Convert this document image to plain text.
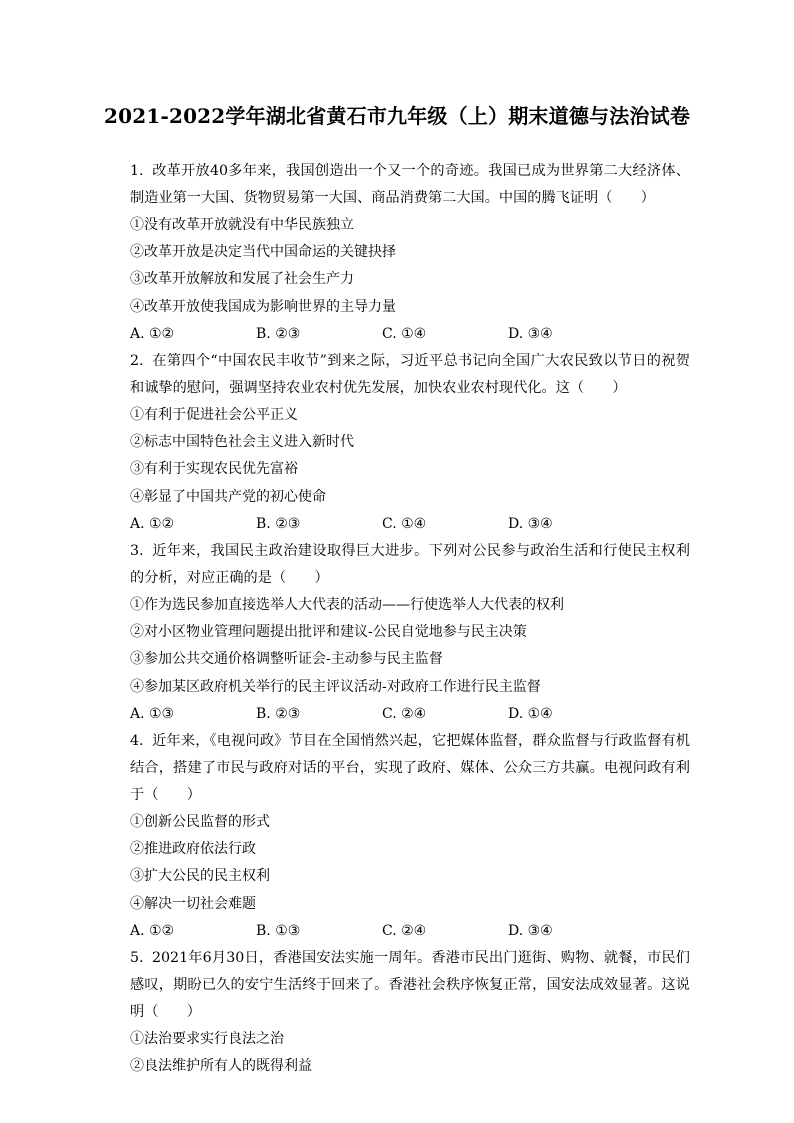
2021-2022学年湖北省黄石市九年级（上）期末道德与法治试卷
1. 改革开放40多年来，我国创造出一个又一个的奇迹。我国已成为世界第二大经济体、制造业第一大国、货物贸易第一大国、商品消费第二大国。中国的腾飞证明（　　）
①没有改革开放就没有中华民族独立
②改革开放是决定当代中国命运的关键抉择
③改革开放解放和发展了社会生产力
④改革开放使我国成为影响世界的主导力量
A. ①②	B. ②③	C. ①④	D. ③④
2. 在第四个“中国农民丰收节”到来之际，习近平总书记向全国广大农民致以节日的祝贺和诚挚的慰问，强调坚持农业农村优先发展，加快农业农村现代化。这（　　）
①有利于促进社会公平正义
②标志中国特色社会主义进入新时代
③有利于实现农民优先富裕
④彰显了中国共产党的初心使命
A. ①②	B. ②③	C. ①④	D. ③④
3. 近年来，我国民主政治建设取得巨大进步。下列对公民参与政治生活和行使民主权利的分析，对应正确的是（　　）
①作为选民参加直接选举人大代表的活动——行使选举人大代表的权利
②对小区物业管理问题提出批评和建议-公民自觉地参与民主决策
③参加公共交通价格调整听证会-主动参与民主监督
④参加某区政府机关举行的民主评议活动-对政府工作进行民主监督
A. ①③	B. ②③	C. ②④	D. ①④
4. 近年来，《电视问政》节目在全国悄然兴起，它把媒体监督，群众监督与行政监督有机结合，搭建了市民与政府对话的平台，实现了政府、媒体、公众三方共赢。电视问政有利于（　　）
①创新公民监督的形式
②推进政府依法行政
③扩大公民的民主权利
④解决一切社会难题
A. ①②	B. ①③	C. ②④	D. ③④
5. 2021年6月30日，香港国安法实施一周年。香港市民出门逛街、购物、就餐，市民们感叹，期盼已久的安宁生活终于回来了。香港社会秩序恢复正常，国安法成效显著。这说明（　　）
①法治要求实行良法之治
②良法维护所有人的既得利益
